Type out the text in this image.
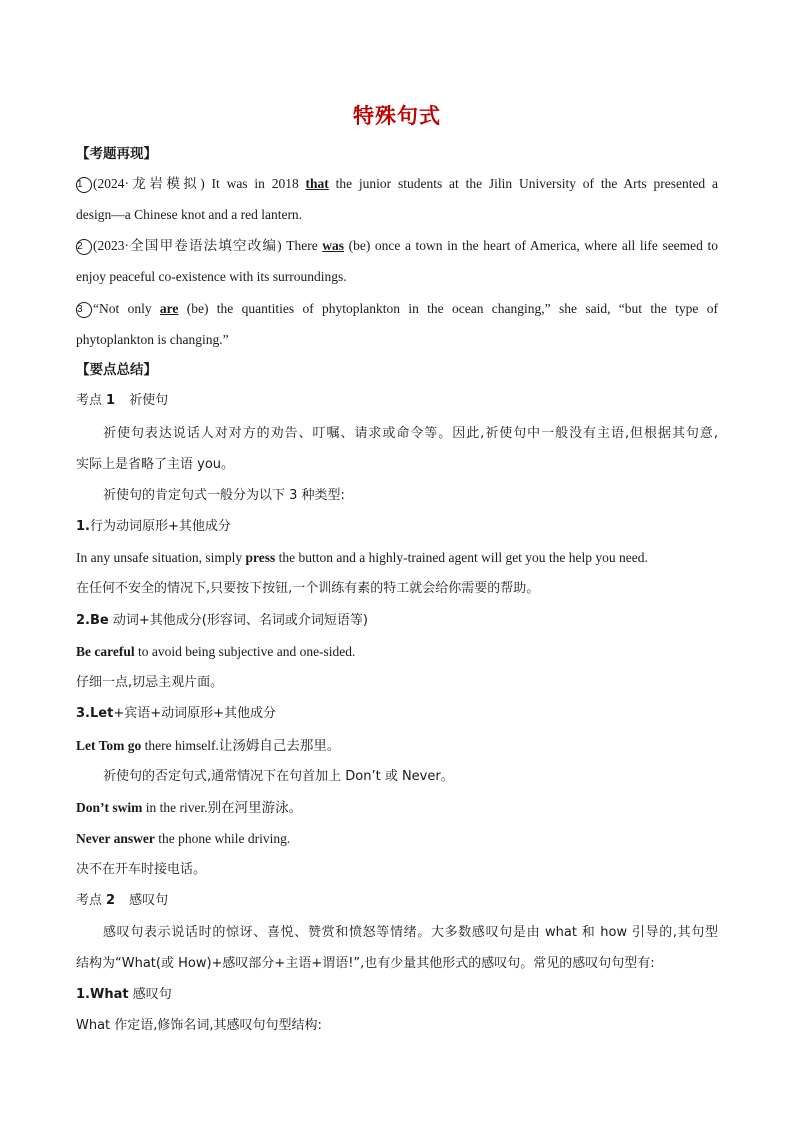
特殊句式
【考题再现】
1 (2024·龙岩模拟) It was in 2018 that the junior students at the Jilin University of the Arts presented a
design—a Chinese knot and a red lantern.
2 (2023·全国甲卷语法填空改编) There was (be) once a town in the heart of America, where all life seemed to
enjoy peaceful co-existence with its surroundings.
3 “Not only are (be) the quantities of phytoplankton in the ocean changing,” she said, “but the type of
phytoplankton is changing.”
【要点总结】
考点 1 祈使句
祈使句表达说话人对对方的劝告、叮嘱、请求或命令等。因此,祈使句中一般没有主语,但根据其句意,
实际上是省略了主语 you。
祈使句的肯定句式一般分为以下 3 种类型:
1.行为动词原形+其他成分
In any unsafe situation, simply press the button and a highly-trained agent will get you the help you need.
在任何不安全的情况下,只要按下按钮,一个训练有素的特工就会给你需要的帮助。
2.Be 动词+其他成分(形容词、名词或介词短语等)
Be careful to avoid being subjective and one-sided.
仔细一点,切忌主观片面。
3.Let+宾语+动词原形+其他成分
Let Tom go there himself.让汤姆自己去那里。
祈使句的否定句式,通常情况下在句首加上 Don’t 或 Never。
Don’t swim in the river.别在河里游泳。
Never answer the phone while driving.
决不在开车时接电话。
考点 2 感叹句
感叹句表示说话时的惊讶、喜悦、赞赏和愤怒等情绪。大多数感叹句是由 what 和 how 引导的,其句型
结构为“What(或 How)+感叹部分+主语+谓语!”,也有少量其他形式的感叹句。常见的感叹句句型有:
1.What 感叹句
What 作定语,修饰名词,其感叹句句型结构:
